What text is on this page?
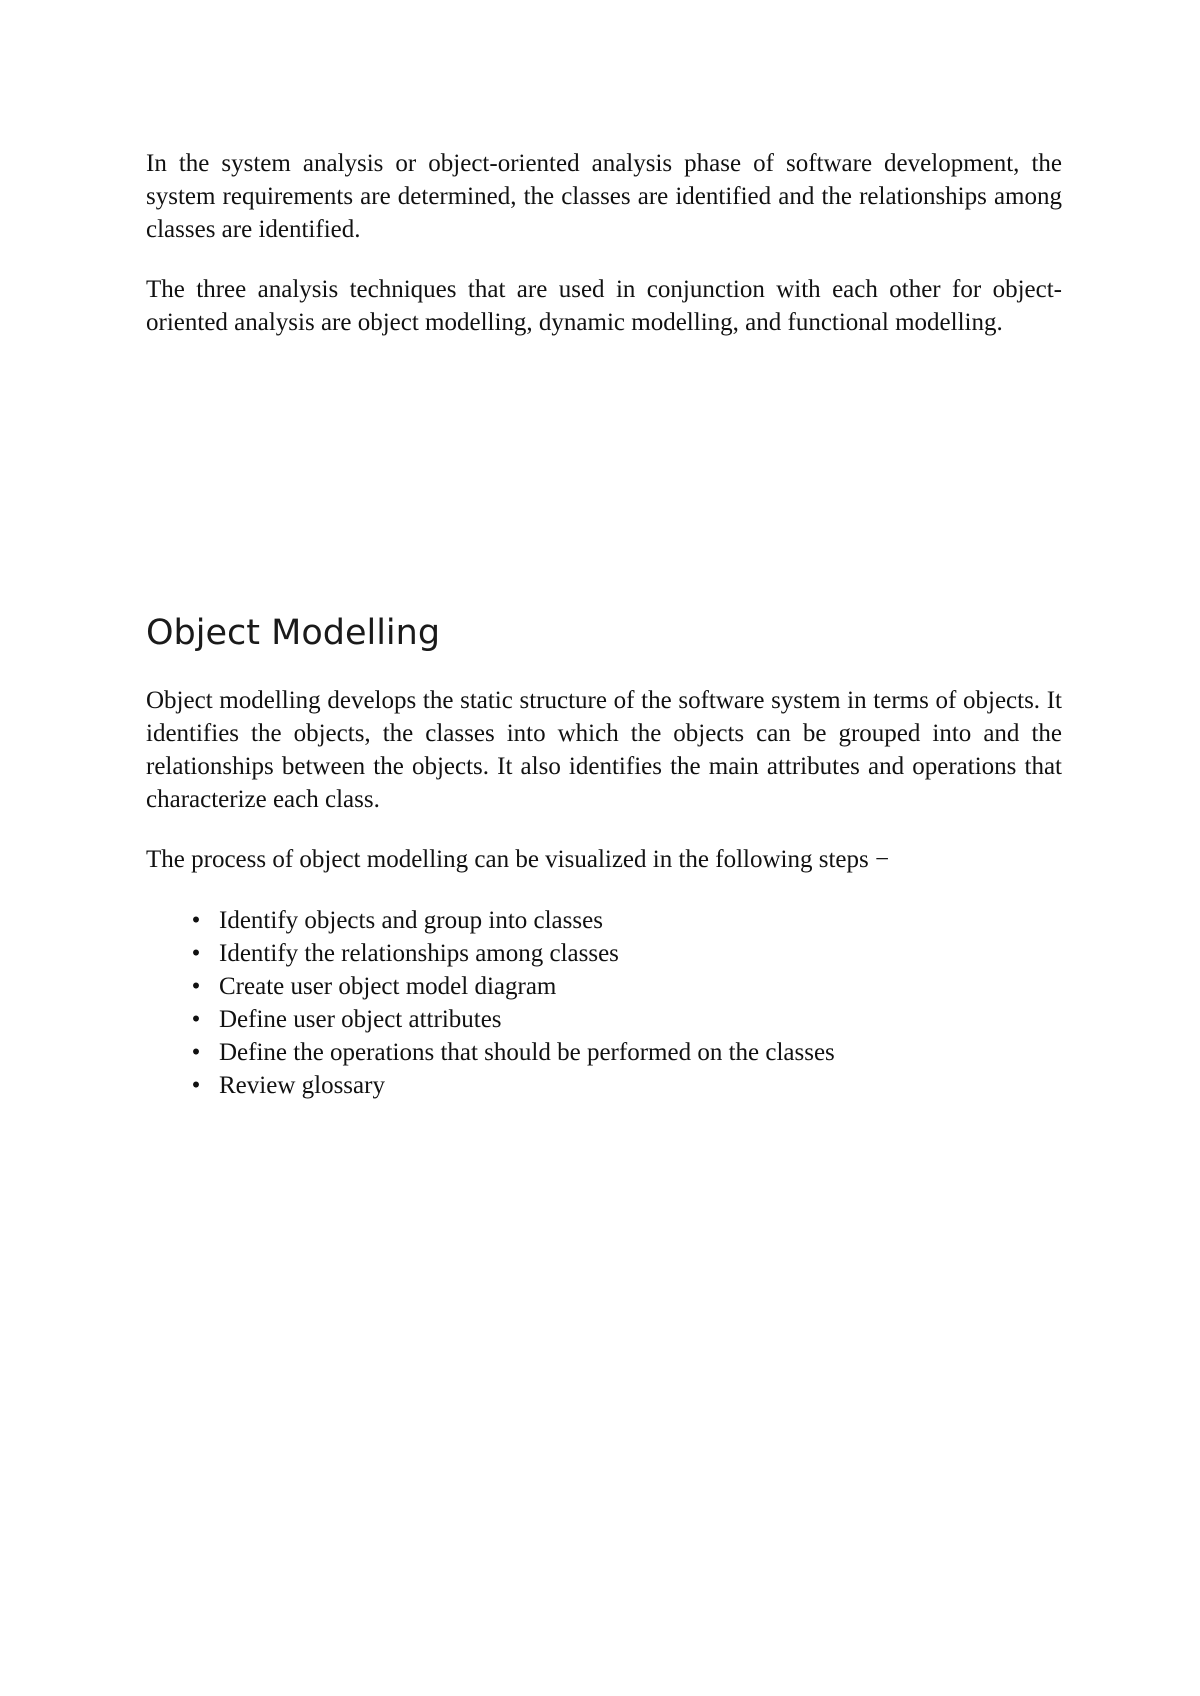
In the system analysis or object-oriented analysis phase of software development, the system requirements are determined, the classes are identified and the relationships among classes are identified.

The three analysis techniques that are used in conjunction with each other for object-oriented analysis are object modelling, dynamic modelling, and functional modelling.

Object Modelling

Object modelling develops the static structure of the software system in terms of objects. It identifies the objects, the classes into which the objects can be grouped into and the relationships between the objects. It also identifies the main attributes and operations that characterize each class.

The process of object modelling can be visualized in the following steps −

• Identify objects and group into classes
• Identify the relationships among classes
• Create user object model diagram
• Define user object attributes
• Define the operations that should be performed on the classes
• Review glossary
